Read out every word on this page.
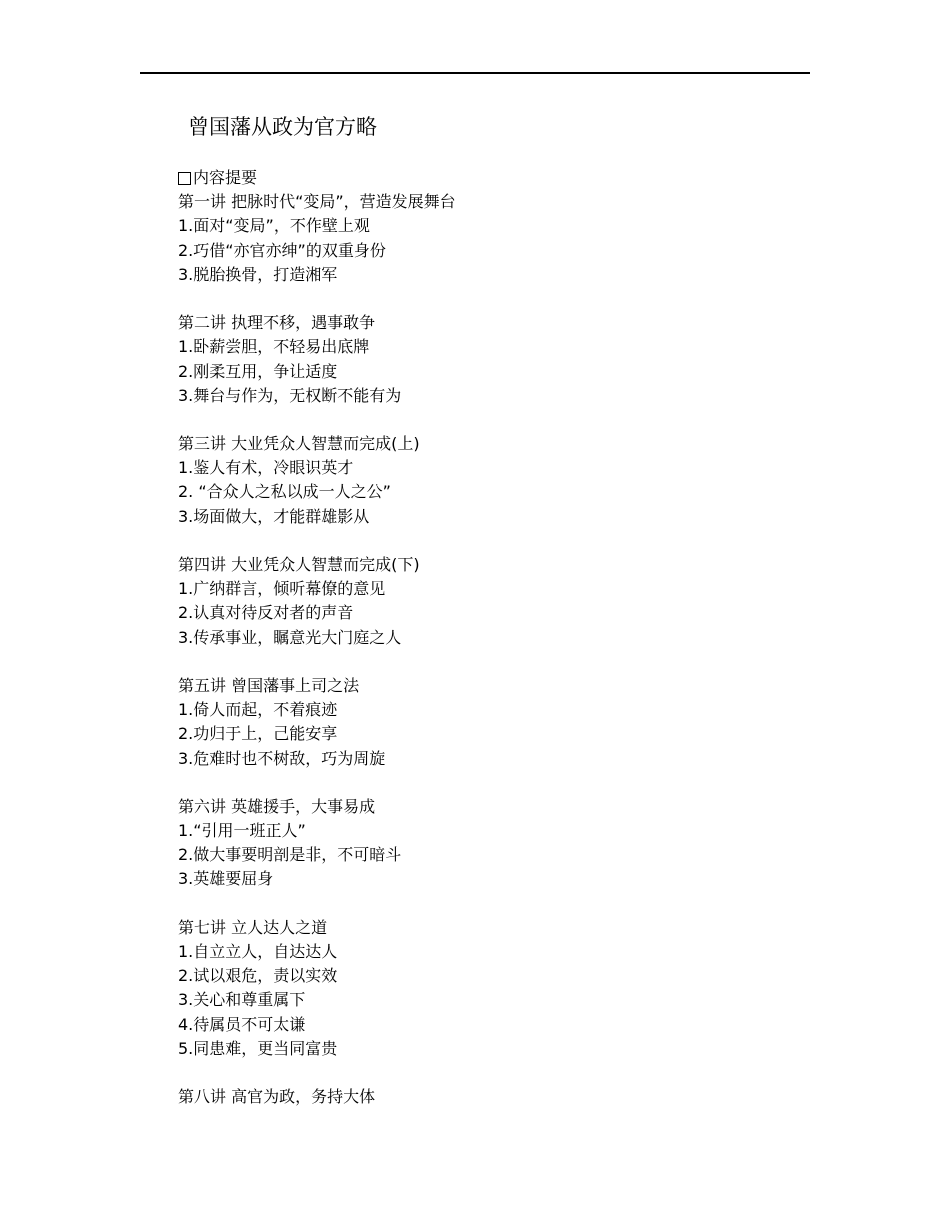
曾国藩从政为官方略
内容提要
第一讲 把脉时代“变局”，营造发展舞台
1.面对“变局”，不作壁上观
2.巧借“亦官亦绅”的双重身份
3.脱胎换骨，打造湘军
第二讲 执理不移，遇事敢争
1.卧薪尝胆，不轻易出底牌
2.刚柔互用，争让适度
3.舞台与作为，无权断不能有为
第三讲 大业凭众人智慧而完成(上)
1.鉴人有术，冷眼识英才
2. “合众人之私以成一人之公”
3.场面做大，才能群雄影从
第四讲 大业凭众人智慧而完成(下)
1.广纳群言，倾听幕僚的意见
2.认真对待反对者的声音
3.传承事业，瞩意光大门庭之人
第五讲 曾国藩事上司之法
1.倚人而起，不着痕迹
2.功归于上，己能安享
3.危难时也不树敌，巧为周旋
第六讲 英雄援手，大事易成
1.“引用一班正人”
2.做大事要明剖是非，不可暗斗
3.英雄要屈身
第七讲 立人达人之道
1.自立立人，自达达人
2.试以艰危，责以实效
3.关心和尊重属下
4.待属员不可太谦
5.同患难，更当同富贵
第八讲 高官为政，务持大体
